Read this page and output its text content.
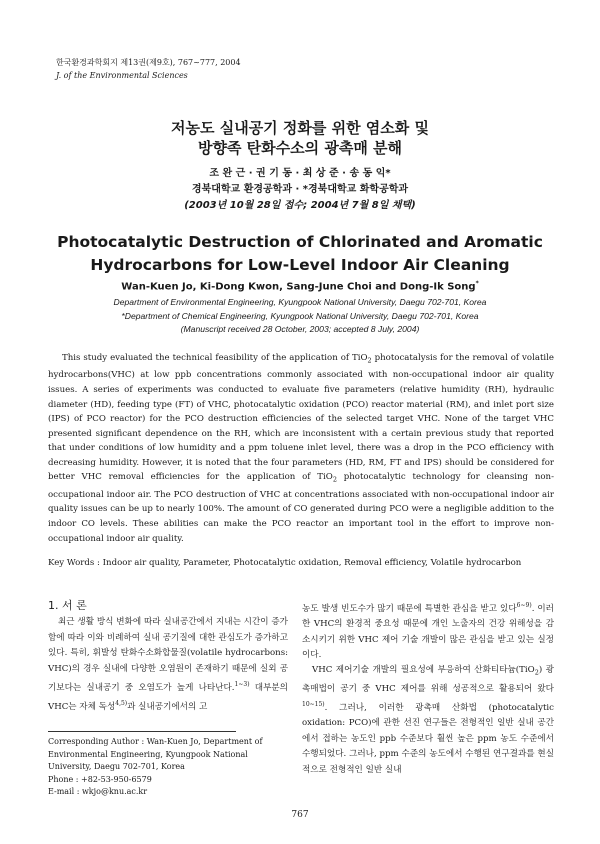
한국환경과학회지 제13권(제9호), 767~777, 2004
J. of the Environmental Sciences
저농도 실내공기 정화를 위한 염소화 및
방향족 탄화수소의 광촉매 분해
조 완 근 · 권 기 동 · 최 상 준 · 송 동 익*
경북대학교 환경공학과 · *경북대학교 화학공학과
(2003년 10월 28일 접수; 2004년 7월 8일 채택)
Photocatalytic Destruction of Chlorinated and Aromatic
Hydrocarbons for Low-Level Indoor Air Cleaning
Wan-Kuen Jo, Ki-Dong Kwon, Sang-June Choi and Dong-Ik Song*
Department of Environmental Engineering, Kyungpook National University, Daegu 702-701, Korea
*Department of Chemical Engineering, Kyungpook National University, Daegu 702-701, Korea
(Manuscript received 28 October, 2003; accepted 8 July, 2004)

This study evaluated the technical feasibility of the application of TiO$_2$ photocatalysis for the removal of volatile hydrocarbons(VHC) at low ppb concentrations commonly associated with non-occupational indoor air quality issues. A series of experiments was conducted to evaluate five parameters (relative humidity (RH), hydraulic diameter (HD), feeding type (FT) of VHC, photocatalytic oxidation (PCO) reactor material (RM), and inlet port size (IPS) of PCO reactor) for the PCO destruction efficiencies of the selected target VHC. None of the target VHC presented significant dependence on the RH, which are inconsistent with a certain previous study that reported that under conditions of low humidity and a ppm toluene inlet level, there was a drop in the PCO efficiency with decreasing humidity. However, it is noted that the four parameters (HD, RM, FT and IPS) should be considered for better VHC removal efficiencies for the application of TiO$_2$ photocatalytic technology for cleansing non-occupational indoor air. The PCO destruction of VHC at concentrations associated with non-occupational indoor air quality issues can be up to nearly 100%. The amount of CO generated during PCO were a negligible addition to the indoor CO levels. These abilities can make the PCO reactor an important tool in the effort to improve non-occupational indoor air quality.

Key Words : Indoor air quality, Parameter, Photocatalytic oxidation, Removal efficiency, Volatile hydrocarbon
1. 서 론

최근 생활 방식 변화에 따라 실내공간에서 지내는 시간이 증가함에 따라 이와 비례하여 실내 공기질에 대한 관심도가 증가하고 있다. 특히, 휘발성 탄화수소화합물질(volatile hydrocarbons: VHC)의 경우 실내에 다양한 오염원이 존재하기 때문에 실외 공기보다는 실내공기 중 오염도가 높게 나타난다.$^{1\sim 3)}$ 대부분의 VHC는 자체 독성$^{4,5)}$과 실내공기에서의 고

농도 발생 빈도수가 많기 때문에 특별한 관심을 받고 있다$^{6\sim 9)}$. 이러한 VHC의 환경적 중요성 때문에 개인 노출자의 건강 위해성을 감소시키기 위한 VHC 제어 기술 개발이 많은 관심을 받고 있는 실정이다.

VHC 제어기술 개발의 필요성에 부응하여 산화티타늄(TiO$_2$) 광촉매법이 공기 중 VHC 제어를 위해 성공적으로 활용되어 왔다$^{10\sim 15)}$. 그러나, 이러한 광촉매 산화법 (photocatalytic oxidation: PCO)에 관한 선진 연구들은 전형적인 일반 실내 공간에서 접하는 농도인 ppb 수준보다 훨씬 높은 ppm 농도 수준에서 수행되었다. 그러나, ppm 수준의 농도에서 수행된 연구결과를 현실적으로 전형적인 일반 실내

Corresponding Author : Wan-Kuen Jo, Department of Environmental Engineering, Kyungpook National University, Daegu 702-701, Korea
Phone : +82-53-950-6579
E-mail : wkjo@knu.ac.kr
767
